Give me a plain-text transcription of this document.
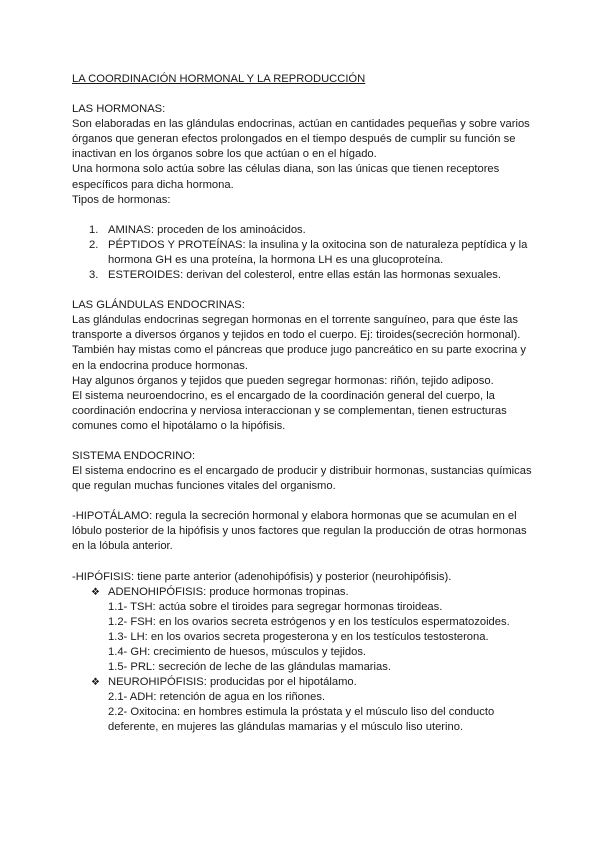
LA COORDINACIÓN HORMONAL Y LA REPRODUCCIÓN

LAS HORMONAS:

Son elaboradas en las glándulas endocrinas, actúan en cantidades pequeñas y sobre varios órganos que generan efectos prolongados en el tiempo después de cumplir su función se inactivan en los órganos sobre los que actúan o en el hígado.

Una hormona solo actúa sobre las células diana, son las únicas que tienen receptores específicos para dicha hormona.

Tipos de hormonas:

1. AMINAS: proceden de los aminoácidos.
2. PÉPTIDOS Y PROTEÍNAS: la insulina y la oxitocina son de naturaleza peptídica y la hormona GH es una proteína, la hormona LH es una glucoproteína.
3. ESTEROIDES: derivan del colesterol, entre ellas están las hormonas sexuales.

LAS GLÁNDULAS ENDOCRINAS:

Las glándulas endocrinas segregan hormonas en el torrente sanguíneo, para que éste las transporte a diversos órganos y tejidos en todo el cuerpo. Ej: tiroides(secreción hormonal).

También hay mistas como el páncreas que produce jugo pancreático en su parte exocrina y en la endocrina produce hormonas.

Hay algunos órganos y tejidos que pueden segregar hormonas: riñón, tejido adiposo.

El sistema neuroendocrino, es el encargado de la coordinación general del cuerpo, la coordinación endocrina y nerviosa interaccionan y se complementan, tienen estructuras comunes como el hipotálamo o la hipófisis.

SISTEMA ENDOCRINO:

El sistema endocrino es el encargado de producir y distribuir hormonas, sustancias químicas que regulan muchas funciones vitales del organismo.

-HIPOTÁLAMO: regula la secreción hormonal y elabora hormonas que se acumulan en el lóbulo posterior de la hipófisis y unos factores que regulan la producción de otras hormonas en la lóbula anterior.

-HIPÓFISIS: tiene parte anterior (adenohipófisis) y posterior (neurohipófisis).

❖ ADENOHIPÓFISIS: produce hormonas tropinas.

1.1- TSH: actúa sobre el tiroides para segregar hormonas tiroideas.

1.2- FSH: en los ovarios secreta estrógenos y en los testículos espermatozoides.

1.3- LH: en los ovarios secreta progesterona y en los testículos testosterona.

1.4- GH: crecimiento de huesos, músculos y tejidos.

1.5- PRL: secreción de leche de las glándulas mamarias.

❖ NEUROHIPÓFISIS: producidas por el hipotálamo.

2.1- ADH: retención de agua en los riñones.

2.2- Oxitocina: en hombres estimula la próstata y el músculo liso del conducto deferente, en mujeres las glándulas mamarias y el músculo liso uterino.
